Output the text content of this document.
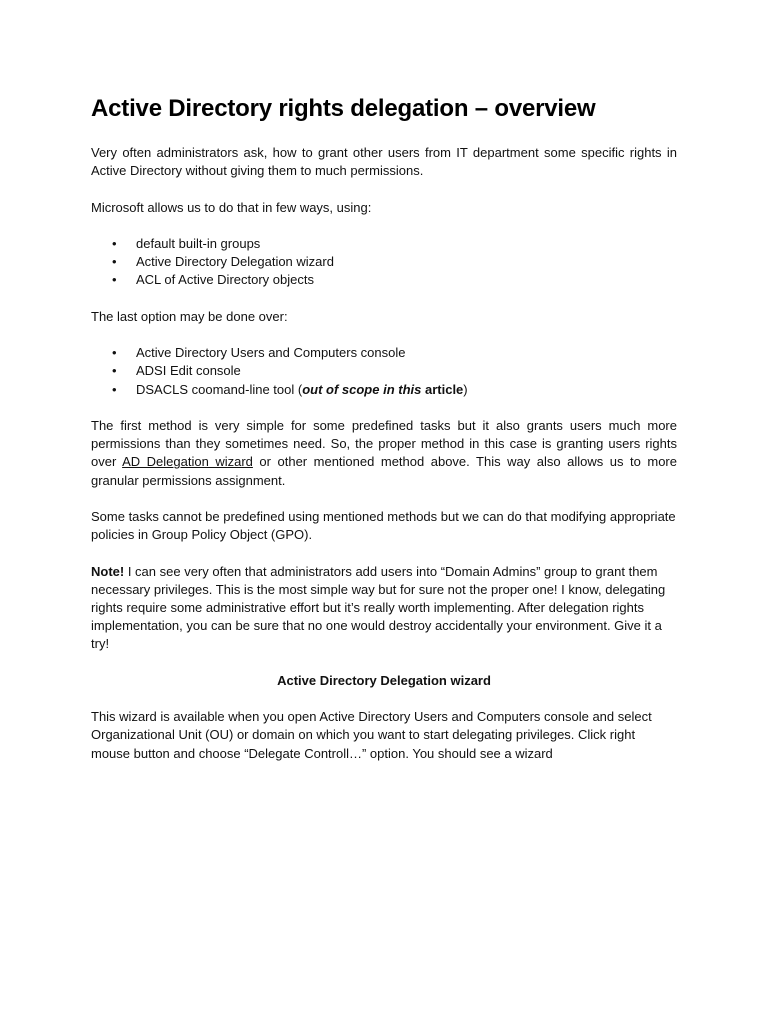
Active Directory rights delegation – overview

Very often administrators ask, how to grant other users from IT department some specific rights in Active Directory without giving them to much permissions.

Microsoft allows us to do that in few ways, using:

• default built-in groups
• Active Directory Delegation wizard
• ACL of Active Directory objects

The last option may be done over:

• Active Directory Users and Computers console
• ADSI Edit console
• DSACLS coomand-line tool (out of scope in this article)

The first method is very simple for some predefined tasks but it also grants users much more permissions than they sometimes need. So, the proper method in this case is granting users rights over AD Delegation wizard or other mentioned method above. This way also allows us to more granular permissions assignment.

Some tasks cannot be predefined using mentioned methods but we can do that modifying appropriate policies in Group Policy Object (GPO).

Note! I can see very often that administrators add users into “Domain Admins” group to grant them necessary privileges. This is the most simple way but for sure not the proper one! I know, delegating rights require some administrative effort but it’s really worth implementing. After delegation rights implementation, you can be sure that no one would destroy accidentally your environment. Give it a try!

Active Directory Delegation wizard

This wizard is available when you open Active Directory Users and Computers console and select Organizational Unit (OU) or domain on which you want to start delegating privileges. Click right mouse button and choose “Delegate Controll…” option. You should see a wizard
